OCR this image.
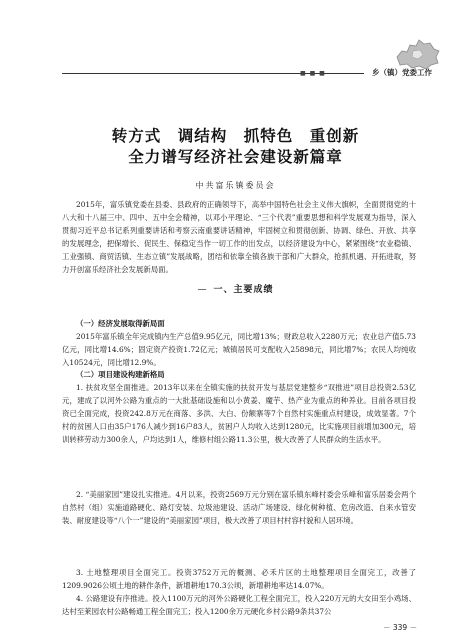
■ ■ ■	乡（镇）党委工作
转方式　调结构　抓特色　重创新
全力谱写经济社会建设新篇章
中共富乐镇委员会
2015年，富乐镇党委在县委、县政府的正确领导下，高举中国特色社会主义伟大旗帜，全面贯彻党的十八大和十八届三中、四中、五中全会精神，以邓小平理论、“三个代表”重要思想和科学发展观为指导，深入贯彻习近平总书记系列重要讲话和考察云南重要讲话精神，牢固树立和贯彻创新、协调、绿色、开放、共享的发展理念，把保增长、促民生、保稳定当作一切工作的出发点，以经济建设为中心，紧紧围绕“农业稳镇、工业强镇、商贸活镇、生态立镇”发展战略，团结和依靠全镇各族干部和广大群众，抢抓机遇、开拓进取，努力开创富乐经济社会发展新局面。
— 一、主要成绩
（一）经济发展取得新局面
2015年富乐镇全年完成镇内生产总值9.95亿元，同比增13%；财政总收入2280万元；农业总产值5.73亿元，同比增14.6%；固定资产投资1.72亿元；城镇居民可支配收入25898元，同比增7%；农民人均纯收入10524元，同比增12.9%。
（二）项目建设构建新格局
1. 扶贫攻坚全面推进。2013年以来在全镇实施的扶贫开发与基层党建整乡“双推进”项目总投资2.53亿元，建成了以河外公路为重点的一大批基础设施和以小黄姜、魔芋、热产业为重点的种养业。目前各项目投资已全面完成，投资242.8万元在商落、多洪、大白、份额寨等7个自然村实施重点村建设，成效显著。7个村的贫困人口由35户176人减少到16户83人，贫困户人均收入达到1280元，比实施项目前增加300元，培训转移劳动力300余人，户均达到1人，维修村组公路11.3公里，极大改善了人民群众的生活水平。
2. “美丽家园”建设扎实推进。4月以来，投资2569万元分别在富乐镇东峰村委会乐峰和富乐居委会两个自然村（组）实施道路硬化、路灯安装、垃圾池建设、活动广场建设、绿化树种植、危房改造、自来水管安装、耐度建设等“八个一”建设的“美丽家园”项目，极大改善了项目村村容村貌和人居环境。
3. 土地整理项目全面完工。投资3752万元的概测、必禾片区的土地整理项目全面完工，改善了1209.9026公顷土地的耕作条件，新增耕地170.3公顷，新增耕地率达14.07%。
4. 公路建设有序推进。投入1100万元的河外公路硬化工程全面完工，投入220万元的大女田至小鸡场、达村至莱园农村公路畅通工程全面完工；投入1200余万元硬化乡村公路9条共37公
－ 339 －
